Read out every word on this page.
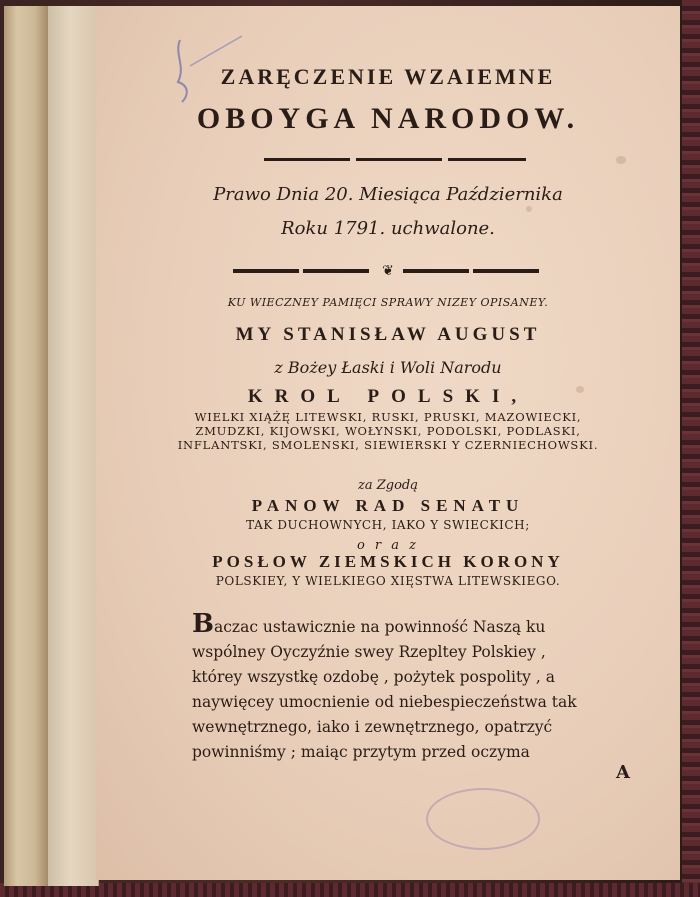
ZARĘCZENIE WZAIEMNE
OBOYGA NARODOW.
Prawo Dnia 20. Miesiąca Października
Roku 1791. uchwalone.
❦
KU WIECZNEY PAMIĘCI SPRAWY NIZEY OPISANEY.
MY STANISŁAW AUGUST
z Bożey Łaski i Woli Narodu
KROL POLSKI,
WIELKI XIĄŻĘ LITEWSKI, RUSKI, PRUSKI, MAZOWIECKI, ZMUDZKI, KIJOWSKI, WOŁYNSKI, PODOLSKI, PODLASKI, INFLANTSKI, SMOLENSKI, SIEWIERSKI Y CZERNIECHOWSKI.
za Zgodą
PANOW RAD SENATU
TAK DUCHOWNYCH, IAKO Y SWIECKICH;
o r a z
POSŁOW ZIEMSKICH KORONY
POLSKIEY, Y WIELKIEGO XIĘSTWA LITEWSKIEGO.
Baczac ustawicznie na powinność Naszą ku
wspólney Oyczyźnie swey Rzepltey Polskiey ,
którey wszystkę ozdobę , pożytek pospolity , a
naywięcey umocnienie od niebespieczeństwa tak
wewnętrznego, iako i zewnętrznego, opatrzyć
powinniśmy ; maiąc przytym przed oczyma
A
